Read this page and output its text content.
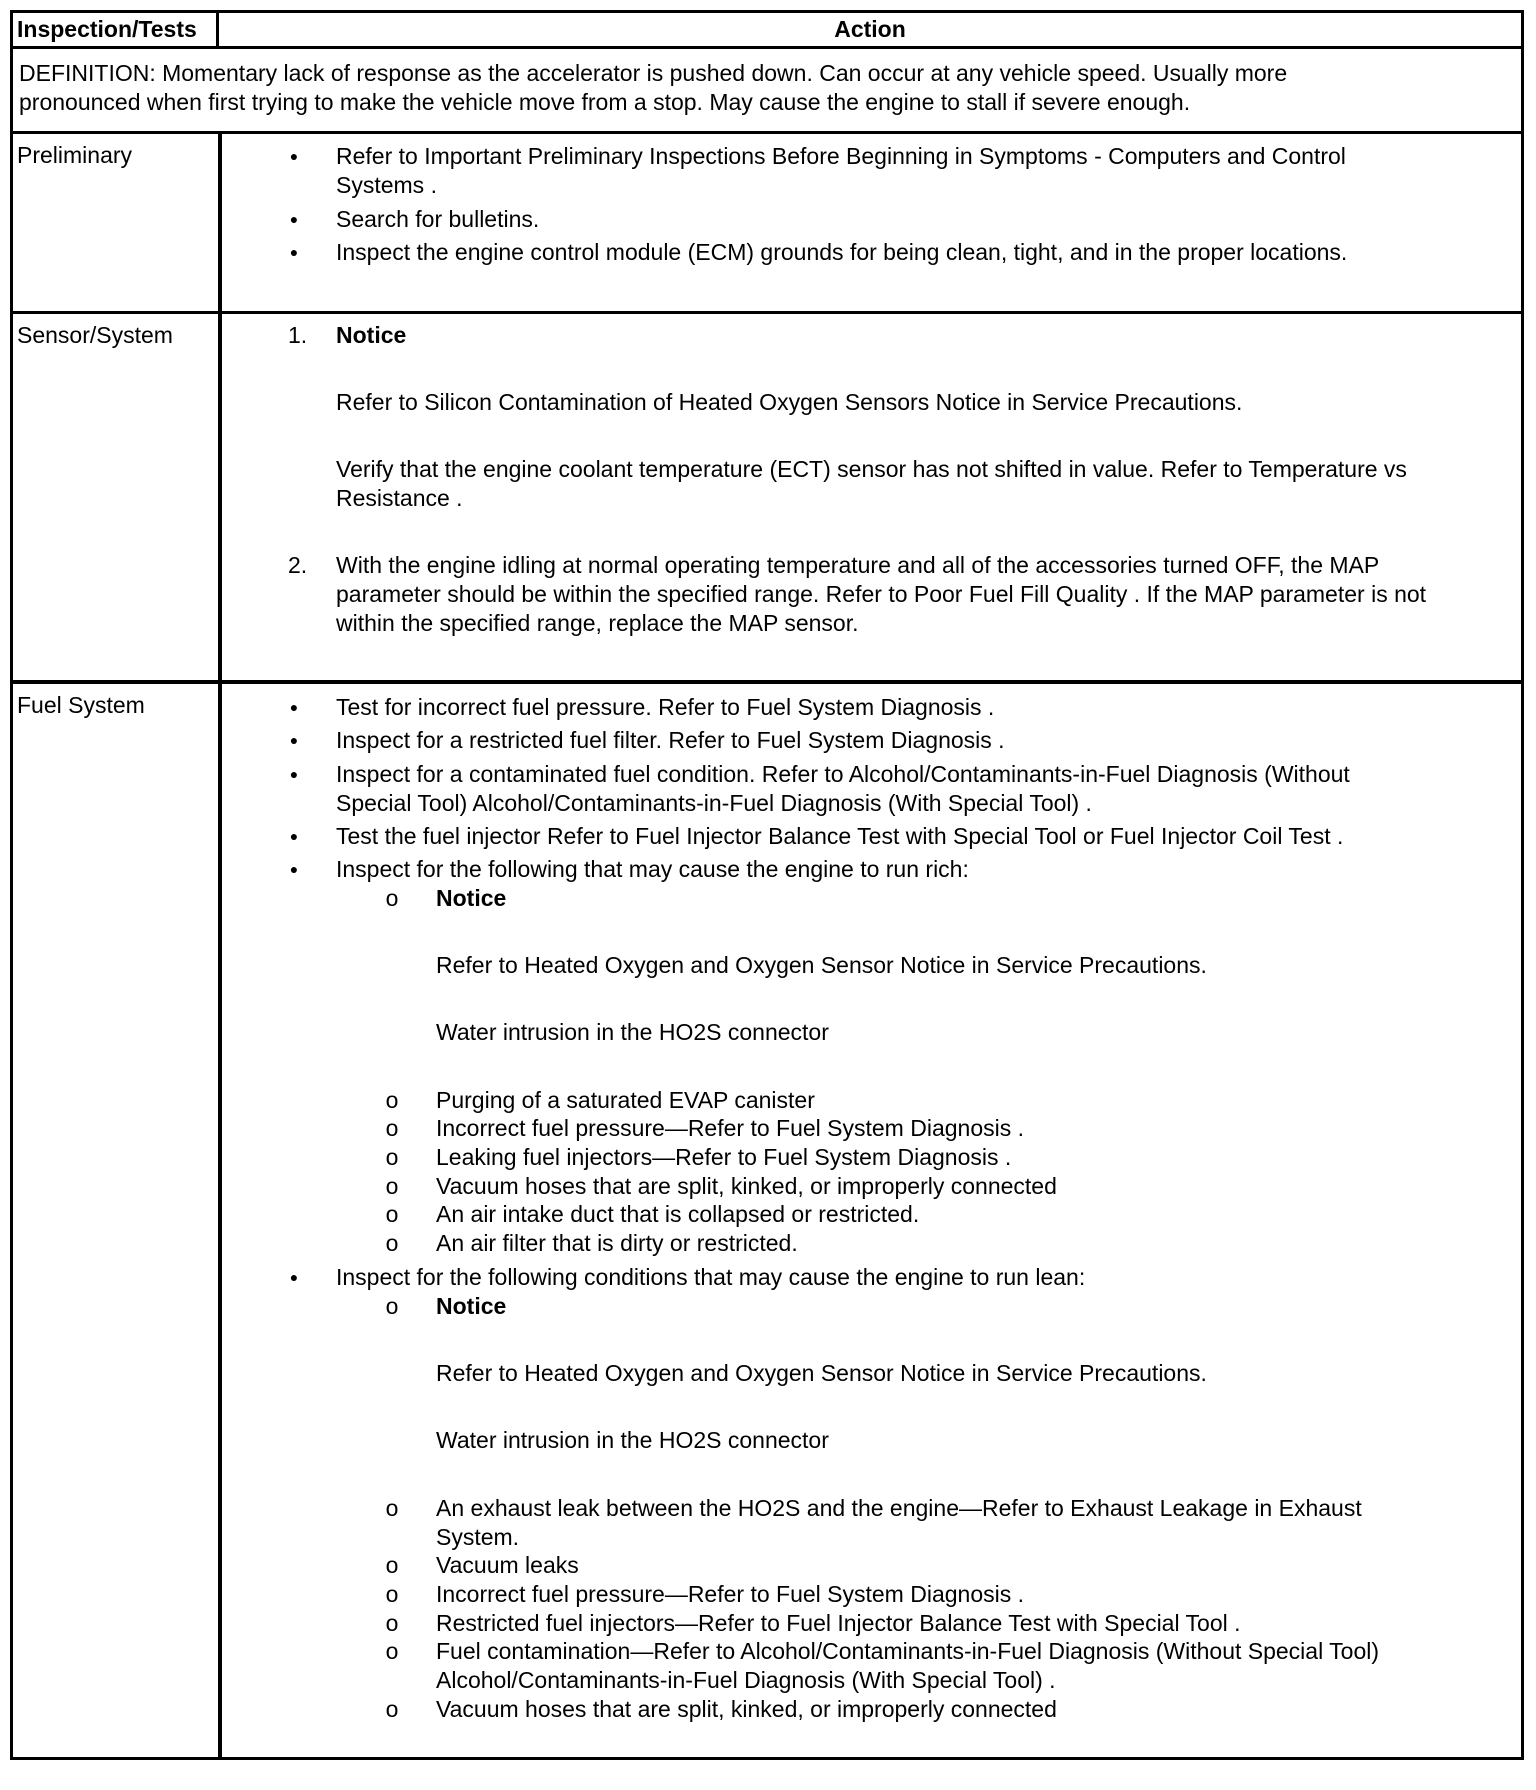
Inspection/Tests	Action
DEFINITION: Momentary lack of response as the accelerator is pushed down. Can occur at any vehicle speed. Usually more
pronounced when first trying to make the vehicle move from a stop. May cause the engine to stall if severe enough.
Preliminary	● Refer to Important Preliminary Inspections Before Beginning in Symptoms - Computers and Control
Systems .
● Search for bulletins.
● Inspect the engine control module (ECM) grounds for being clean, tight, and in the proper locations.
Sensor/System	1. Notice
Refer to Silicon Contamination of Heated Oxygen Sensors Notice in Service Precautions.
Verify that the engine coolant temperature (ECT) sensor has not shifted in value. Refer to Temperature vs
Resistance .
2. With the engine idling at normal operating temperature and all of the accessories turned OFF, the MAP
parameter should be within the specified range. Refer to Poor Fuel Fill Quality . If the MAP parameter is not
within the specified range, replace the MAP sensor.
Fuel System	● Test for incorrect fuel pressure. Refer to Fuel System Diagnosis .
● Inspect for a restricted fuel filter. Refer to Fuel System Diagnosis .
● Inspect for a contaminated fuel condition. Refer to Alcohol/Contaminants-in-Fuel Diagnosis (Without
Special Tool) Alcohol/Contaminants-in-Fuel Diagnosis (With Special Tool) .
● Test the fuel injector Refer to Fuel Injector Balance Test with Special Tool or Fuel Injector Coil Test .
● Inspect for the following that may cause the engine to run rich:
o Notice
Refer to Heated Oxygen and Oxygen Sensor Notice in Service Precautions.
Water intrusion in the HO2S connector
o Purging of a saturated EVAP canister
o Incorrect fuel pressure—Refer to Fuel System Diagnosis .
o Leaking fuel injectors—Refer to Fuel System Diagnosis .
o Vacuum hoses that are split, kinked, or improperly connected
o An air intake duct that is collapsed or restricted.
o An air filter that is dirty or restricted.
● Inspect for the following conditions that may cause the engine to run lean:
o Notice
Refer to Heated Oxygen and Oxygen Sensor Notice in Service Precautions.
Water intrusion in the HO2S connector
o An exhaust leak between the HO2S and the engine—Refer to Exhaust Leakage in Exhaust
System.
o Vacuum leaks
o Incorrect fuel pressure—Refer to Fuel System Diagnosis .
o Restricted fuel injectors—Refer to Fuel Injector Balance Test with Special Tool .
o Fuel contamination—Refer to Alcohol/Contaminants-in-Fuel Diagnosis (Without Special Tool)
Alcohol/Contaminants-in-Fuel Diagnosis (With Special Tool) .
o Vacuum hoses that are split, kinked, or improperly connected
